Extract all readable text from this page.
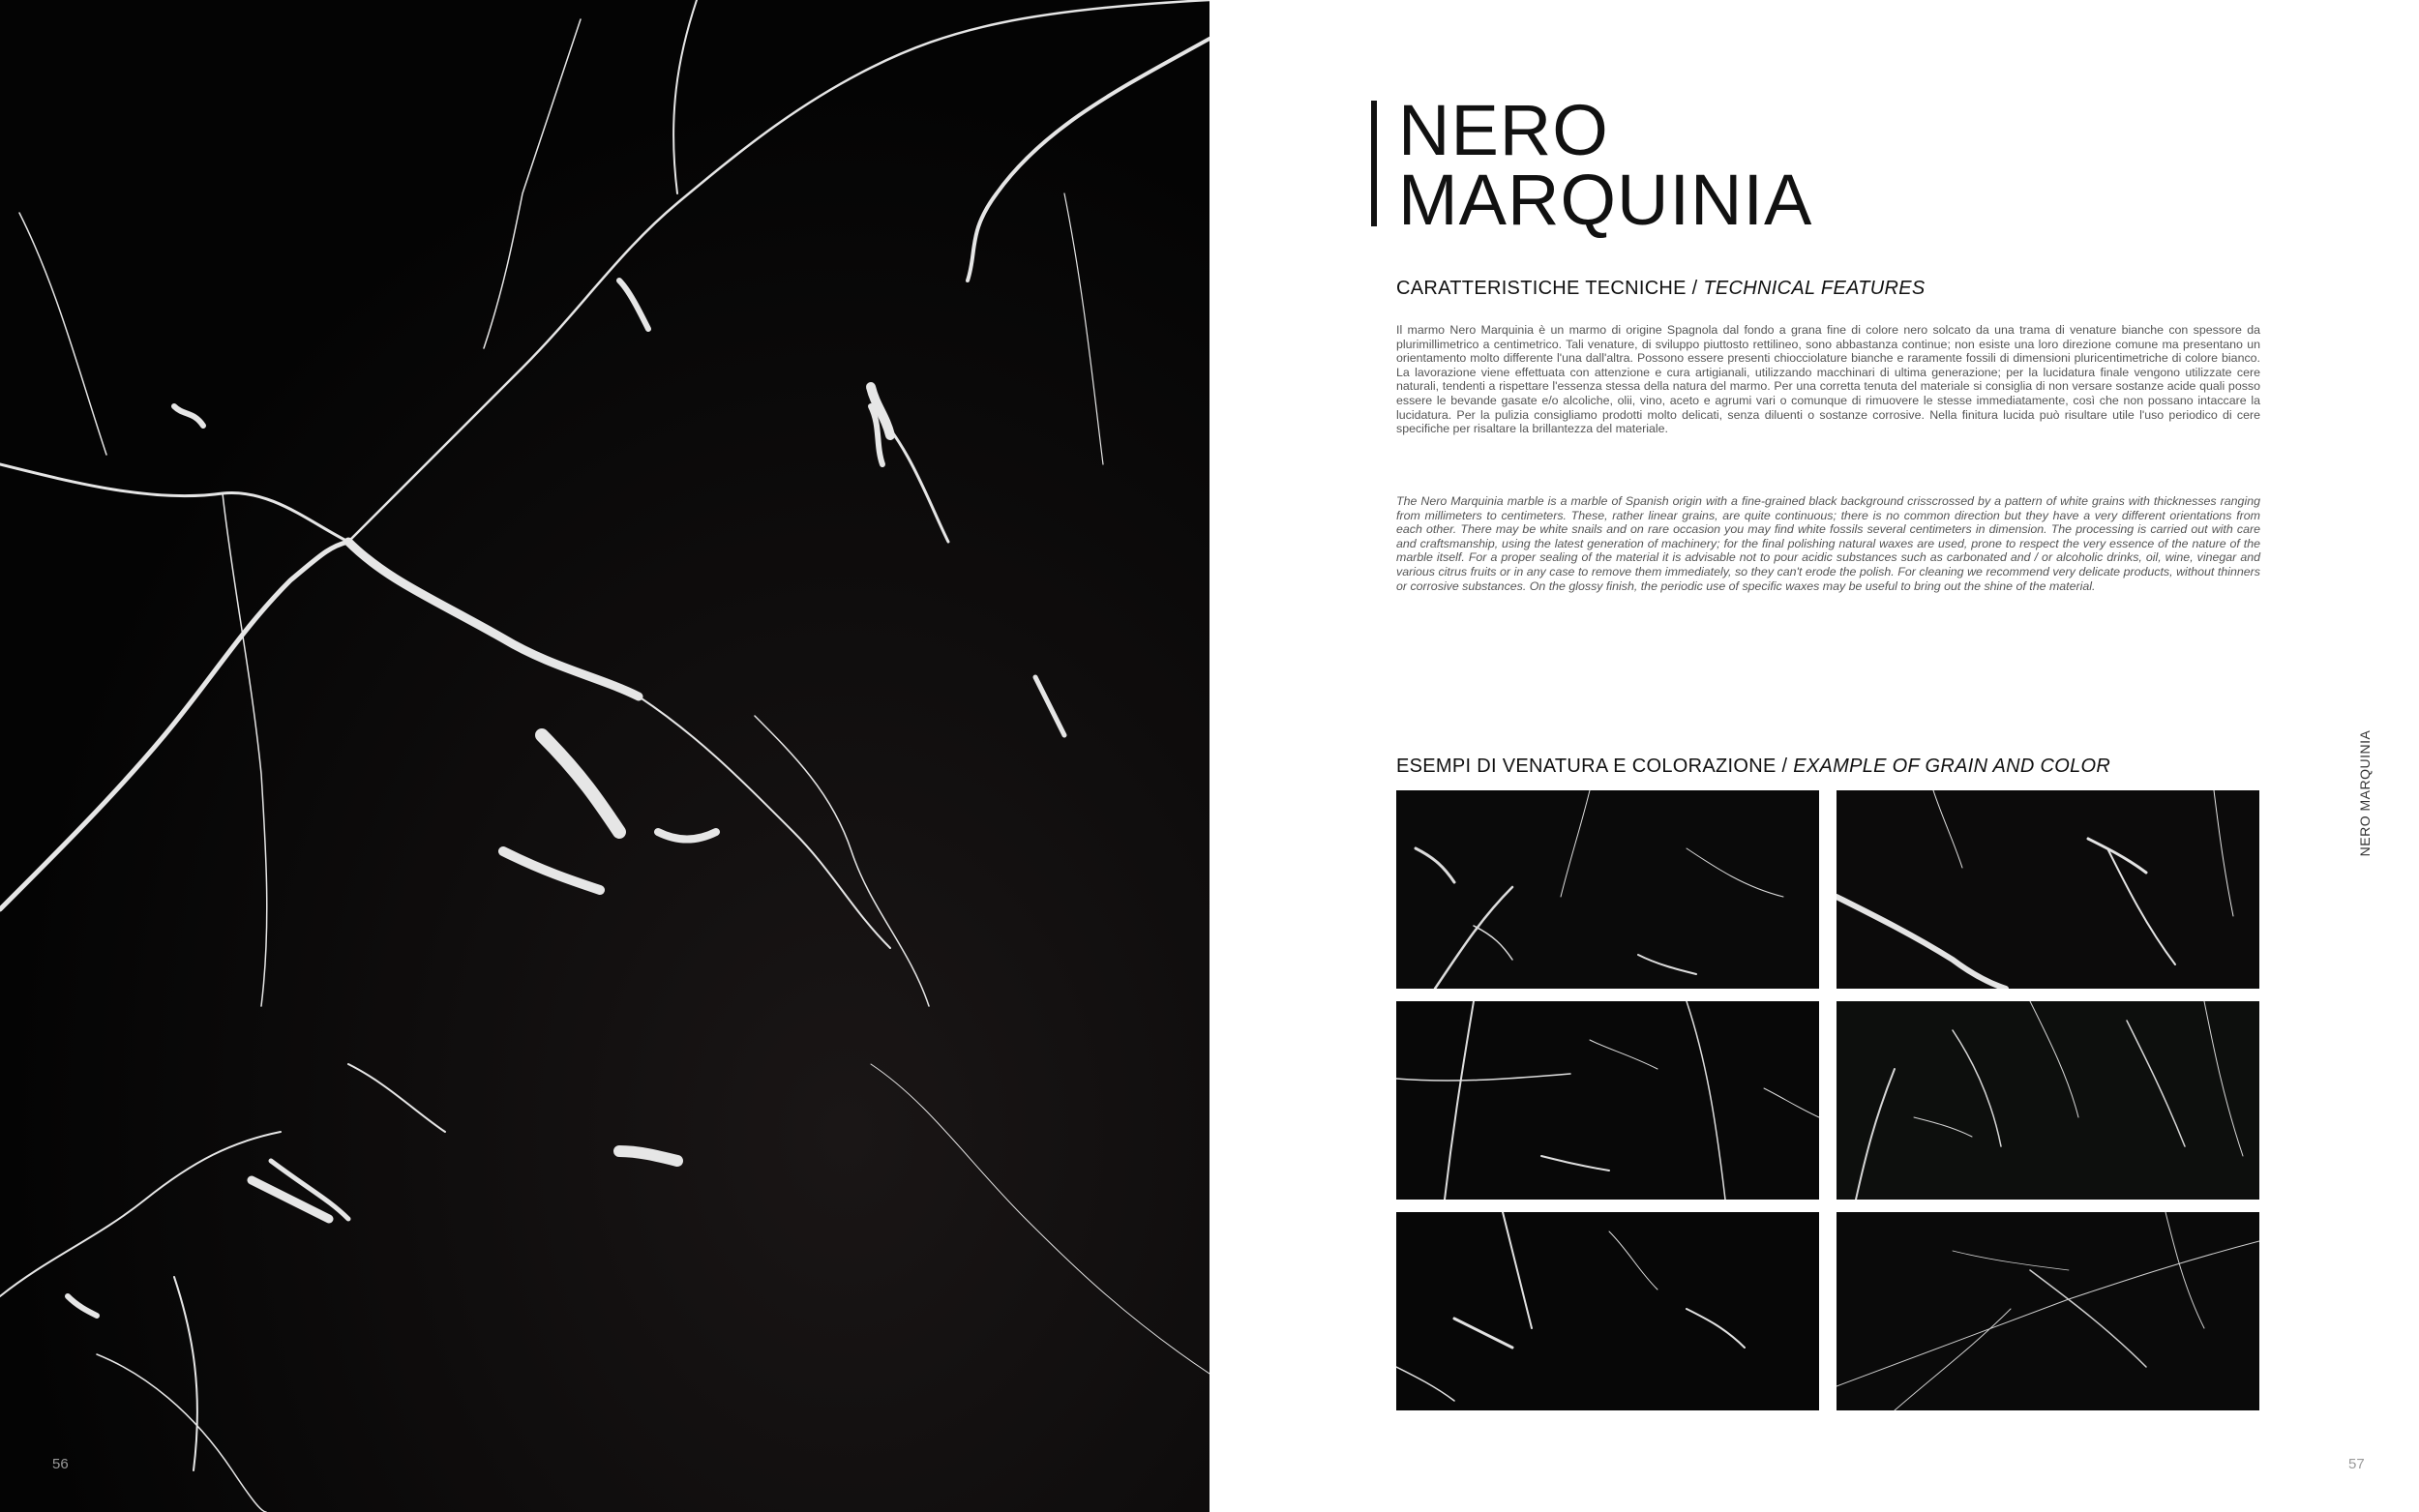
56
NERO
MARQUINIA
CARATTERISTICHE TECNICHE / TECHNICAL FEATURES

Il marmo Nero Marquinia è un marmo di origine Spagnola dal fondo a grana fine di colore nero solcato da una trama di venature bianche con spessore da plurimillimetrico a centimetrico. Tali venature, di sviluppo piuttosto rettilineo, sono abbastanza continue; non esiste una loro direzione comune ma presentano un orientamento molto differente l'una dall'altra. Possono essere presenti chiocciolature bianche e raramente fossili di dimensioni pluricentimetriche di colore bianco. La lavorazione viene effettuata con attenzione e cura artigianali, utilizzando macchinari di ultima generazione; per la lucidatura finale vengono utilizzate cere naturali, tendenti a rispettare l'essenza stessa della natura del marmo. Per una corretta tenuta del materiale si consiglia di non versare sostanze acide quali posso essere le bevande gasate e/o alcoliche, olii, vino, aceto e agrumi vari o comunque di rimuovere le stesse immediatamente, così che non possano intaccare la lucidatura. Per la pulizia consigliamo prodotti molto delicati, senza diluenti o sostanze corrosive. Nella finitura lucida può risultare utile l'uso periodico di cere specifiche per risaltare la brillantezza del materiale.

The Nero Marquinia marble is a marble of Spanish origin with a fine-grained black background crisscrossed by a pattern of white grains with thicknesses ranging from millimeters to centimeters. These, rather linear grains, are quite continuous; there is no common direction but they have a very different orientations from each other. There may be white snails and on rare occasion you may find white fossils several centimeters in dimension. The processing is carried out with care and craftsmanship, using the latest generation of machinery; for the final polishing natural waxes are used, prone to respect the very essence of the nature of the marble itself. For a proper sealing of the material it is advisable not to pour acidic substances such as carbonated and / or alcoholic drinks, oil, wine, vinegar and various citrus fruits or in any case to remove them immediately, so they can't erode the polish. For cleaning we recommend very delicate products, without thinners or corrosive substances. On the glossy finish, the periodic use of specific waxes may be useful to bring out the shine of the material.

ESEMPI DI VENATURA E COLORAZIONE / EXAMPLE OF GRAIN AND COLOR	NERO MARQUINIA
57
